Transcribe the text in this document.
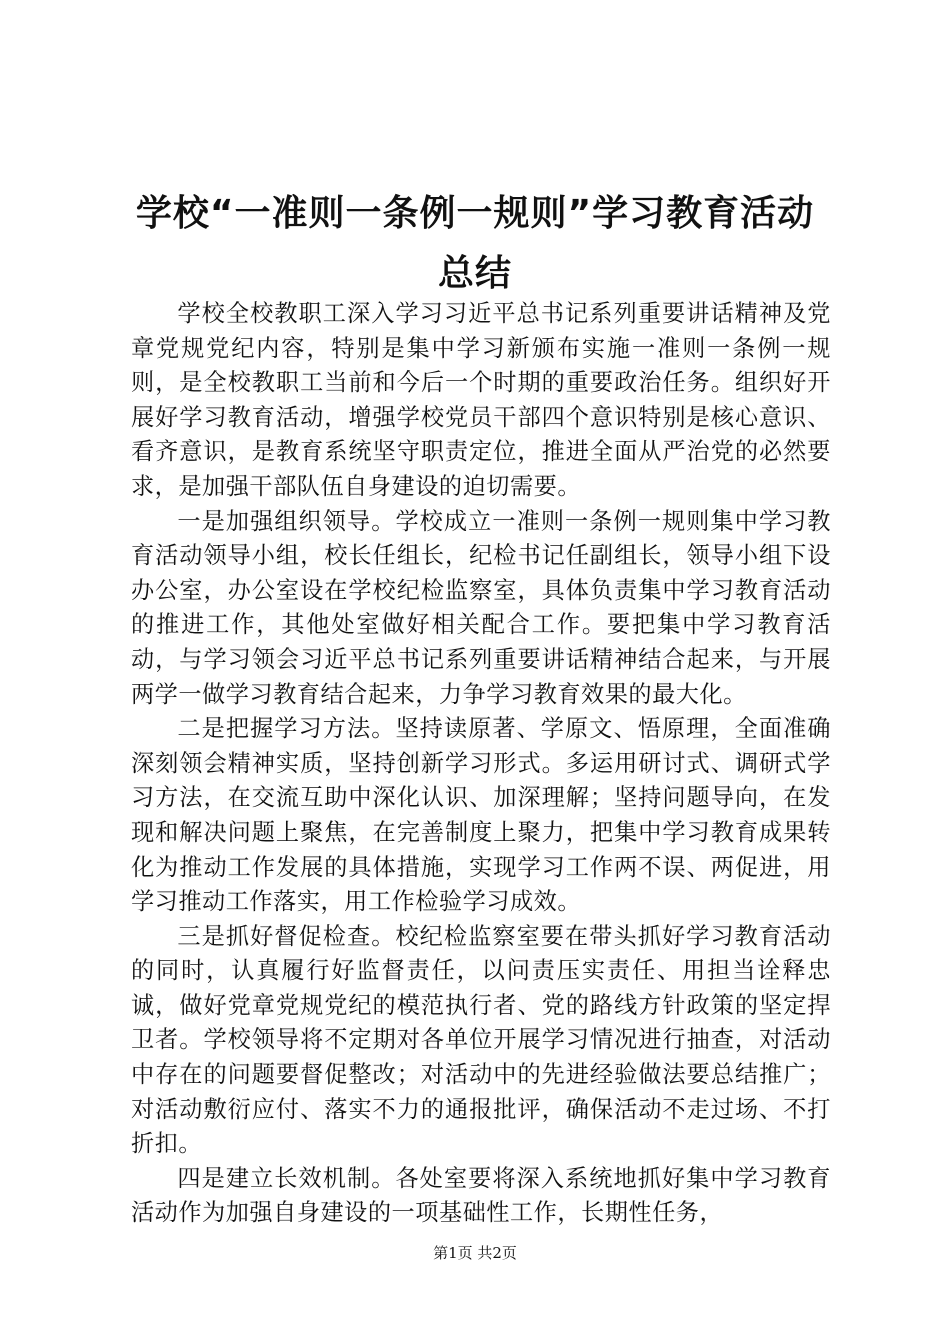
学校“一准则一条例一规则”学习教育活动总结

学校全校教职工深入学习习近平总书记系列重要讲话精神及党章党规党纪内容，特别是集中学习新颁布实施一准则一条例一规则，是全校教职工当前和今后一个时期的重要政治任务。组织好开展好学习教育活动，增强学校党员干部四个意识特别是核心意识、看齐意识，是教育系统坚守职责定位，推进全面从严治党的必然要求，是加强干部队伍自身建设的迫切需要。

一是加强组织领导。学校成立一准则一条例一规则集中学习教育活动领导小组，校长任组长，纪检书记任副组长，领导小组下设办公室，办公室设在学校纪检监察室，具体负责集中学习教育活动的推进工作，其他处室做好相关配合工作。要把集中学习教育活动，与学习领会习近平总书记系列重要讲话精神结合起来，与开展两学一做学习教育结合起来，力争学习教育效果的最大化。

二是把握学习方法。坚持读原著、学原文、悟原理，全面准确深刻领会精神实质，坚持创新学习形式。多运用研讨式、调研式学习方法，在交流互助中深化认识、加深理解；坚持问题导向，在发现和解决问题上聚焦，在完善制度上聚力，把集中学习教育成果转化为推动工作发展的具体措施，实现学习工作两不误、两促进，用学习推动工作落实，用工作检验学习成效。

三是抓好督促检查。校纪检监察室要在带头抓好学习教育活动的同时，认真履行好监督责任，以问责压实责任、用担当诠释忠诚，做好党章党规党纪的模范执行者、党的路线方针政策的坚定捍卫者。学校领导将不定期对各单位开展学习情况进行抽查，对活动中存在的问题要督促整改；对活动中的先进经验做法要总结推广；对活动敷衍应付、落实不力的通报批评，确保活动不走过场、不打折扣。

四是建立长效机制。各处室要将深入系统地抓好集中学习教育活动作为加强自身建设的一项基础性工作，长期性任务，

第1页 共2页
